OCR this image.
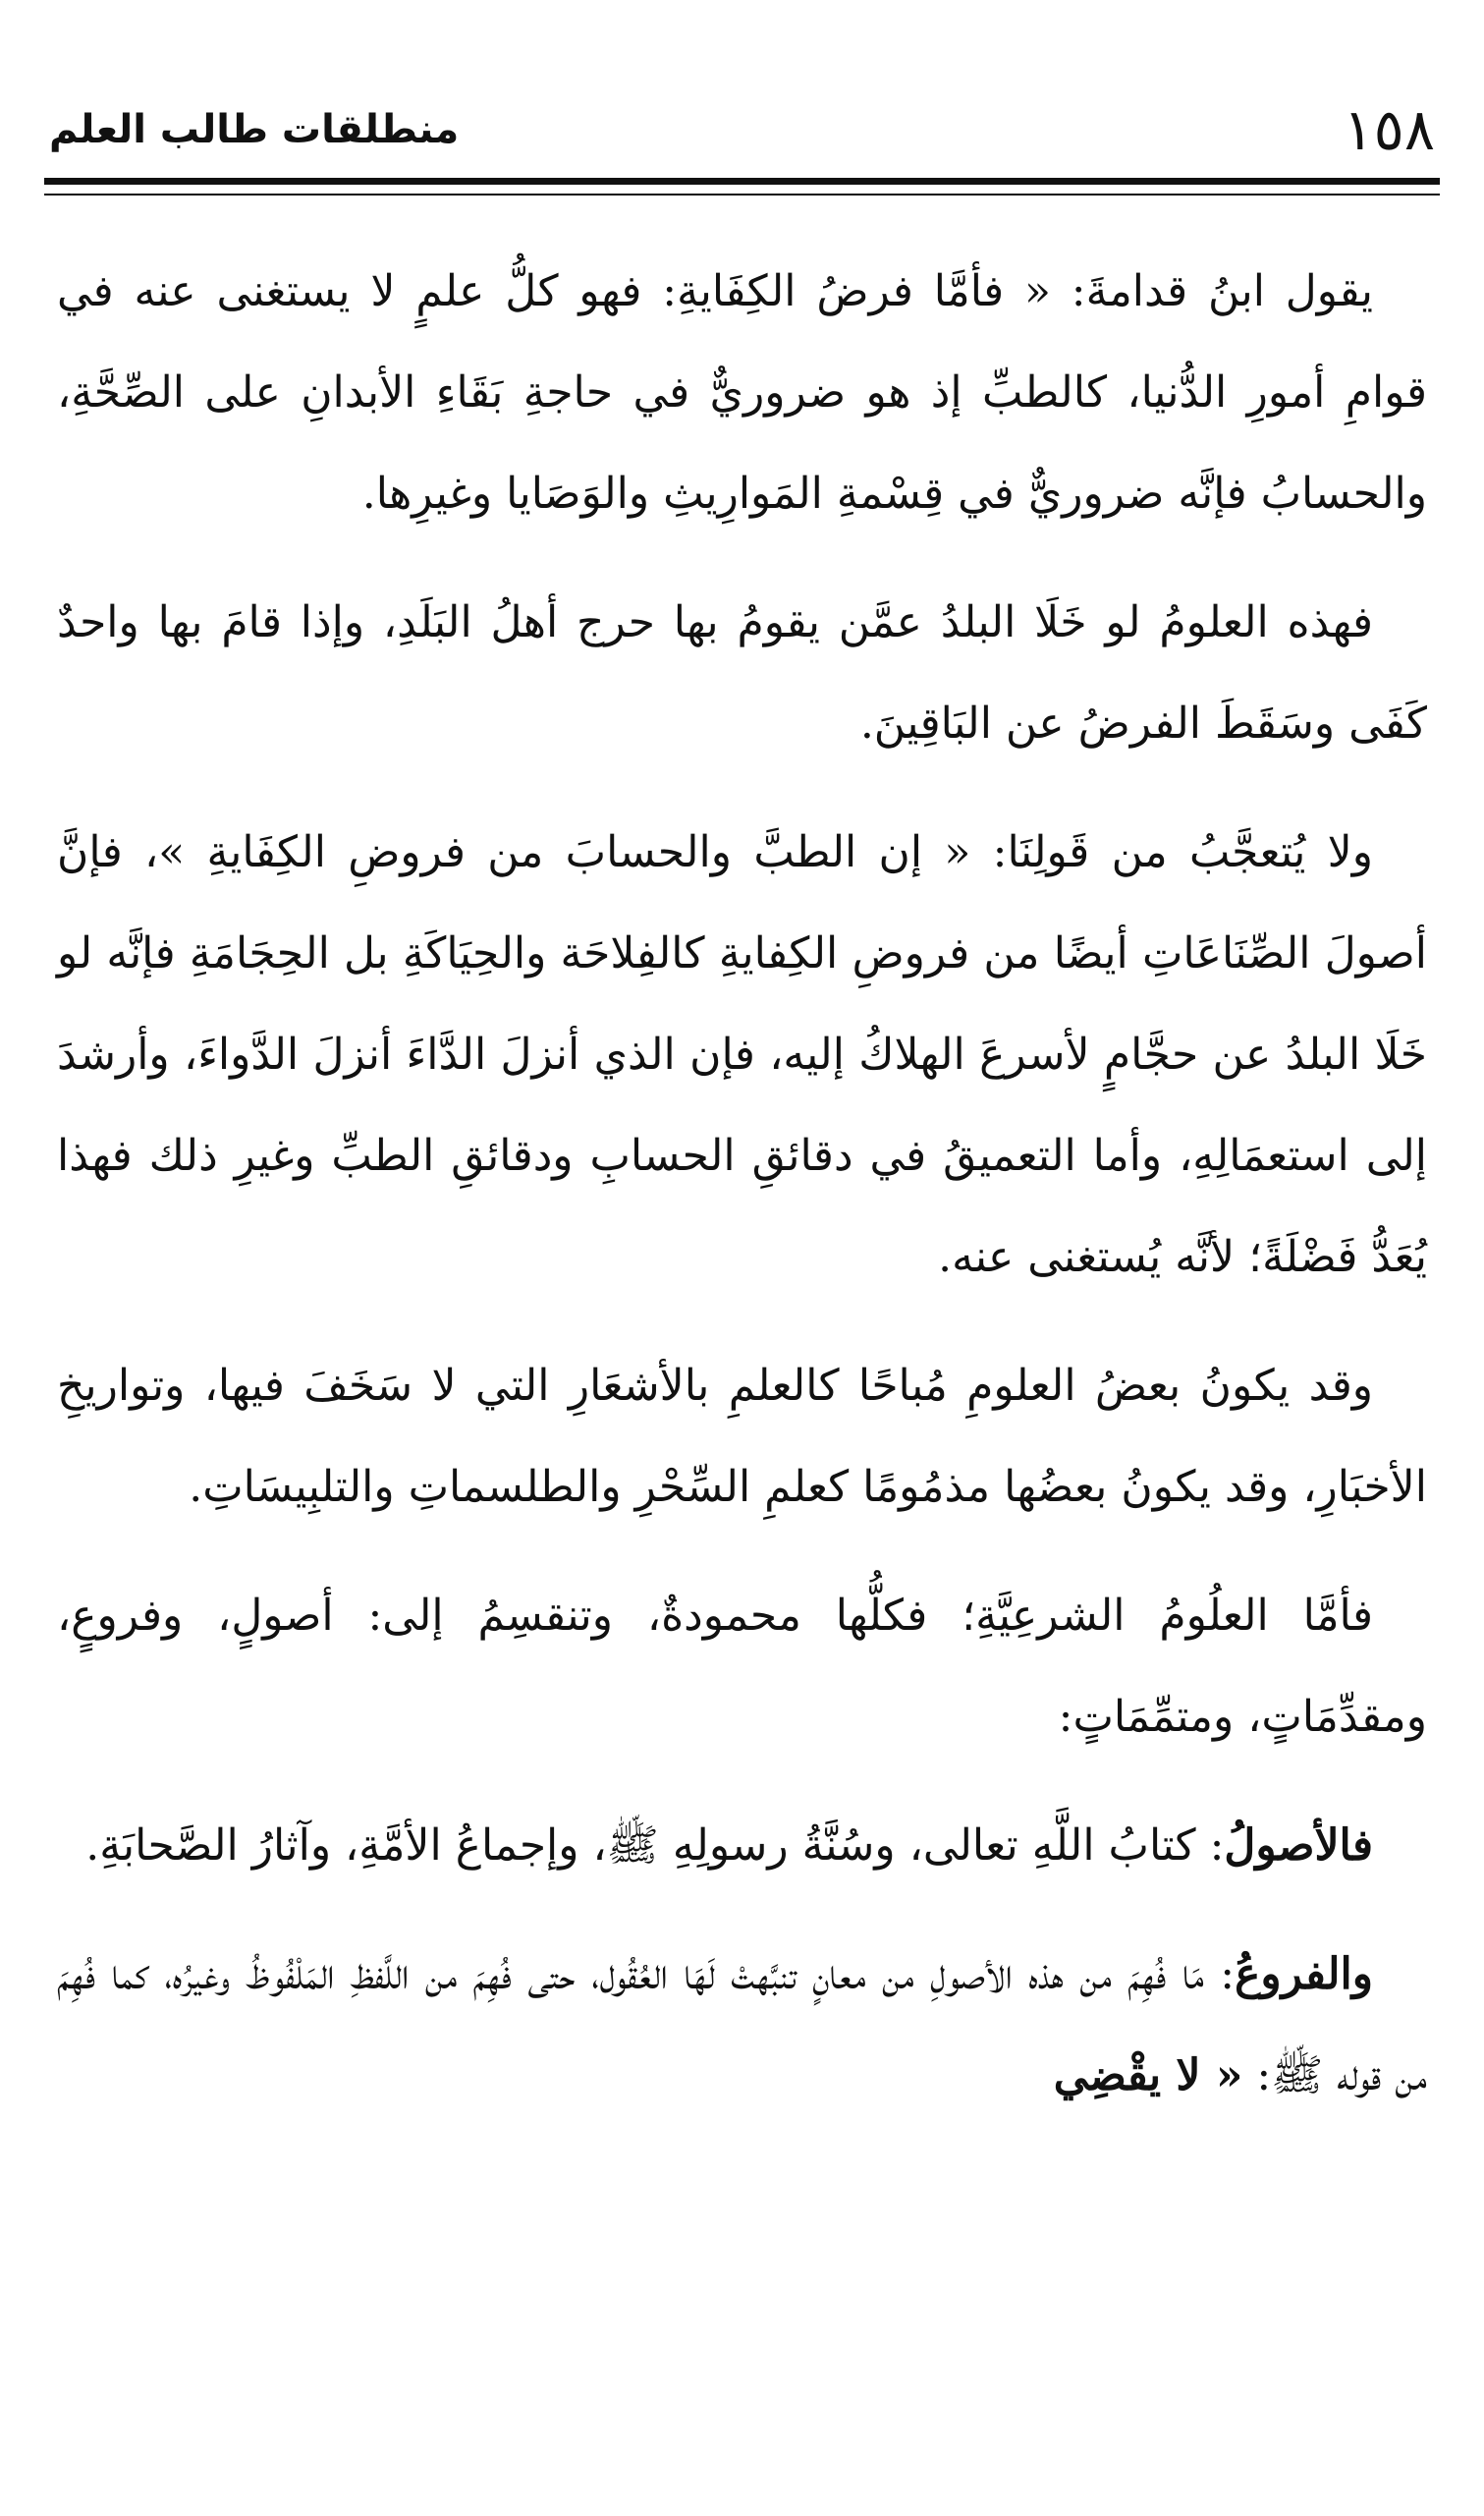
١٥٨
منطلقات طالب العلم

يقول ابنُ قدامةَ: « فأمَّا فرضُ الكِفَايةِ: فهو كلُّ علمٍ لا يستغنى عنه في قوامِ أمورِ الدُّنيا، كالطبِّ إذ هو ضروريٌّ في حاجةِ بَقَاءِ الأبدانِ على الصِّحَّةِ، والحسابُ فإنَّه ضروريٌّ في قِسْمةِ المَوارِيثِ والوَصَايا وغيرِها.

فهذه العلومُ لو خَلَا البلدُ عمَّن يقومُ بها حرج أهلُ البَلَدِ، وإذا قامَ بها واحدٌ كَفَى وسَقَطَ الفرضُ عن البَاقِينَ.

ولا يُتعجَّبُ من قَولِنَا: « إن الطبَّ والحسابَ من فروضِ الكِفَايةِ »، فإنَّ أصولَ الصِّنَاعَاتِ أيضًا من فروضِ الكِفايةِ كالفِلاحَة والحِيَاكَةِ بل الحِجَامَةِ فإنَّه لو خَلَا البلدُ عن حجَّامٍ لأسرعَ الهلاكُ إليه، فإن الذي أنزلَ الدَّاءَ أنزلَ الدَّواءَ، وأرشدَ إلى استعمَالِهِ، وأما التعميقُ في دقائقِ الحسابِ ودقائقِ الطبِّ وغيرِ ذلك فهذا يُعَدُّ فَضْلَةً؛ لأنَّه يُستغنى عنه.

وقد يكونُ بعضُ العلومِ مُباحًا كالعلمِ بالأشعَارِ التي لا سَخَفَ فيها، وتواريخِ الأخبَارِ، وقد يكونُ بعضُها مذمُومًا كعلمِ السِّحْرِ والطلسماتِ والتلبِيسَاتِ.

فأمَّا العلُومُ الشرعِيَّةِ؛ فكلُّها محمودةٌ، وتنقسِمُ إلى: أصولٍ، وفروعٍ، ومقدِّمَاتٍ، ومتمِّمَاتٍ:

فالأصولُ: كتابُ اللَّهِ تعالى، وسُنَّةُ رسولِهِ ﷺ، وإجماعُ الأمَّةِ، وآثارُ الصَّحابَةِ.

والفروعُ: مَا فُهِمَ من هذه الأصولِ من معانٍ تنبَّهتْ لَهَا العُقُول، حتى فُهِمَ من اللَّفظِ المَلْفُوظُ وغيرُه، كما فُهِمَ من قوله ﷺ: « لا يقْضِي
